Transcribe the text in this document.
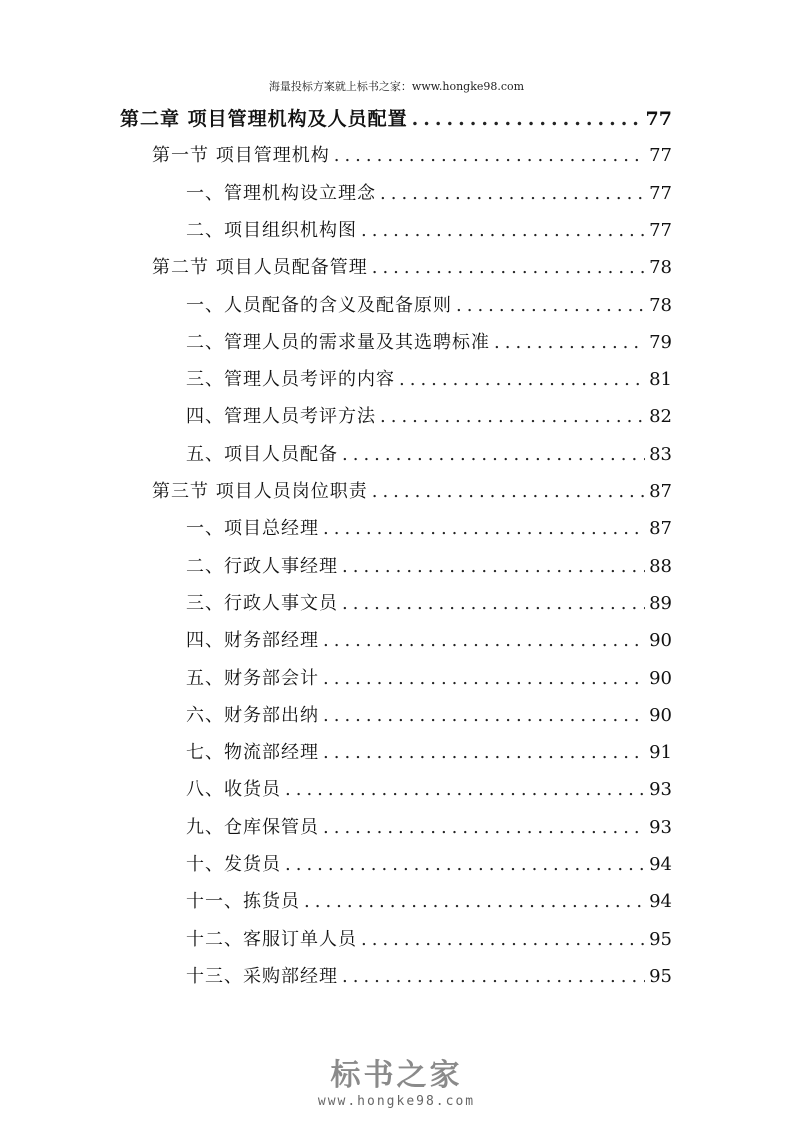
海量投标方案就上标书之家：www.hongke98.com
第二章 项目管理机构及人员配置 .....	77
第一节 项目管理机构 .....	77
一、管理机构设立理念 .....	77
二、项目组织机构图 .....	77
第二节 项目人员配备管理 .....	78
一、人员配备的含义及配备原则 .....	78
二、管理人员的需求量及其选聘标准 .....	79
三、管理人员考评的内容 .....	81
四、管理人员考评方法 .....	82
五、项目人员配备 .....	83
第三节 项目人员岗位职责 .....	87
一、项目总经理 .....	87
二、行政人事经理 .....	88
三、行政人事文员 .....	89
四、财务部经理 .....	90
五、财务部会计 .....	90
六、财务部出纳 .....	90
七、物流部经理 .....	91
八、收货员 .....	93
九、仓库保管员 .....	93
十、发货员 .....	94
十一、拣货员 .....	94
十二、客服订单人员 .....	95
十三、采购部经理 .....	95
标书之家
www.hongke98.com
